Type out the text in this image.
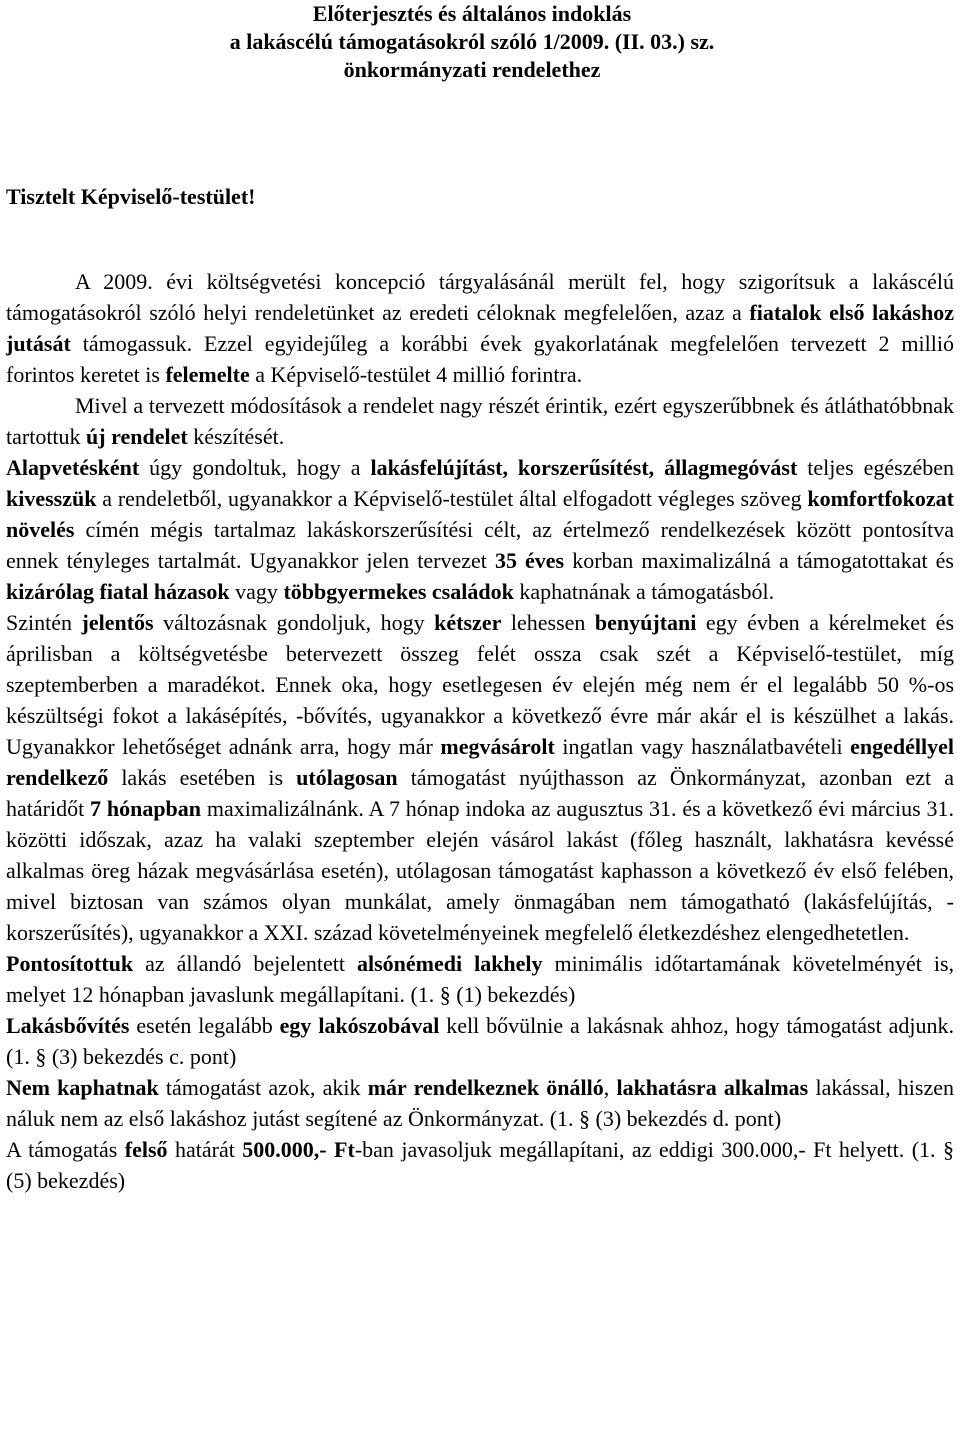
Előterjesztés és általános indoklás
a lakáscélú támogatásokról szóló 1/2009. (II. 03.) sz.
önkormányzati rendelethez
Tisztelt Képviselő-testület!

A 2009. évi költségvetési koncepció tárgyalásánál merült fel, hogy szigorítsuk a lakáscélú támogatásokról szóló helyi rendeletünket az eredeti céloknak megfelelően, azaz a fiatalok első lakáshoz jutását támogassuk. Ezzel egyidejűleg a korábbi évek gyakorlatának megfelelően tervezett 2 millió forintos keretet is felemelte a Képviselő-testület 4 millió forintra.

Mivel a tervezett módosítások a rendelet nagy részét érintik, ezért egyszerűbbnek és átláthatóbbnak tartottuk új rendelet készítését.

Alapvetésként úgy gondoltuk, hogy a lakásfelújítást, korszerűsítést, állagmegóvást teljes egészében kivesszük a rendeletből, ugyanakkor a Képviselő-testület által elfogadott végleges szöveg komfortfokozat növelés címén mégis tartalmaz lakáskorszerűsítési célt, az értelmező rendelkezések között pontosítva ennek tényleges tartalmát. Ugyanakkor jelen tervezet 35 éves korban maximalizálná a támogatottakat és kizárólag fiatal házasok vagy többgyermekes családok kaphatnának a támogatásból.

Szintén jelentős változásnak gondoljuk, hogy kétszer lehessen benyújtani egy évben a kérelmeket és áprilisban a költségvetésbe betervezett összeg felét ossza csak szét a Képviselő-testület, míg szeptemberben a maradékot. Ennek oka, hogy esetlegesen év elején még nem ér el legalább 50 %-os készültségi fokot a lakásépítés, -bővítés, ugyanakkor a következő évre már akár el is készülhet a lakás. Ugyanakkor lehetőséget adnánk arra, hogy már megvásárolt ingatlan vagy használatbavételi engedéllyel rendelkező lakás esetében is utólagosan támogatást nyújthasson az Önkormányzat, azonban ezt a határidőt 7 hónapban maximalizálnánk. A 7 hónap indoka az augusztus 31. és a következő évi március 31. közötti időszak, azaz ha valaki szeptember elején vásárol lakást (főleg használt, lakhatásra kevéssé alkalmas öreg házak megvásárlása esetén), utólagosan támogatást kaphasson a következő év első felében, mivel biztosan van számos olyan munkálat, amely önmagában nem támogatható (lakásfelújítás, - korszerűsítés), ugyanakkor a XXI. század követelményeinek megfelelő életkezdéshez elengedhetetlen.

Pontosítottuk az állandó bejelentett alsónémedi lakhely minimális időtartamának követelményét is, melyet 12 hónapban javaslunk megállapítani. (1. § (1) bekezdés)

Lakásbővítés esetén legalább egy lakószobával kell bővülnie a lakásnak ahhoz, hogy támogatást adjunk. (1. § (3) bekezdés c. pont)

Nem kaphatnak támogatást azok, akik már rendelkeznek önálló, lakhatásra alkalmas lakással, hiszen náluk nem az első lakáshoz jutást segítené az Önkormányzat. (1. § (3) bekezdés d. pont)

A támogatás felső határát 500.000,- Ft-ban javasoljuk megállapítani, az eddigi 300.000,- Ft helyett. (1. § (5) bekezdés)
